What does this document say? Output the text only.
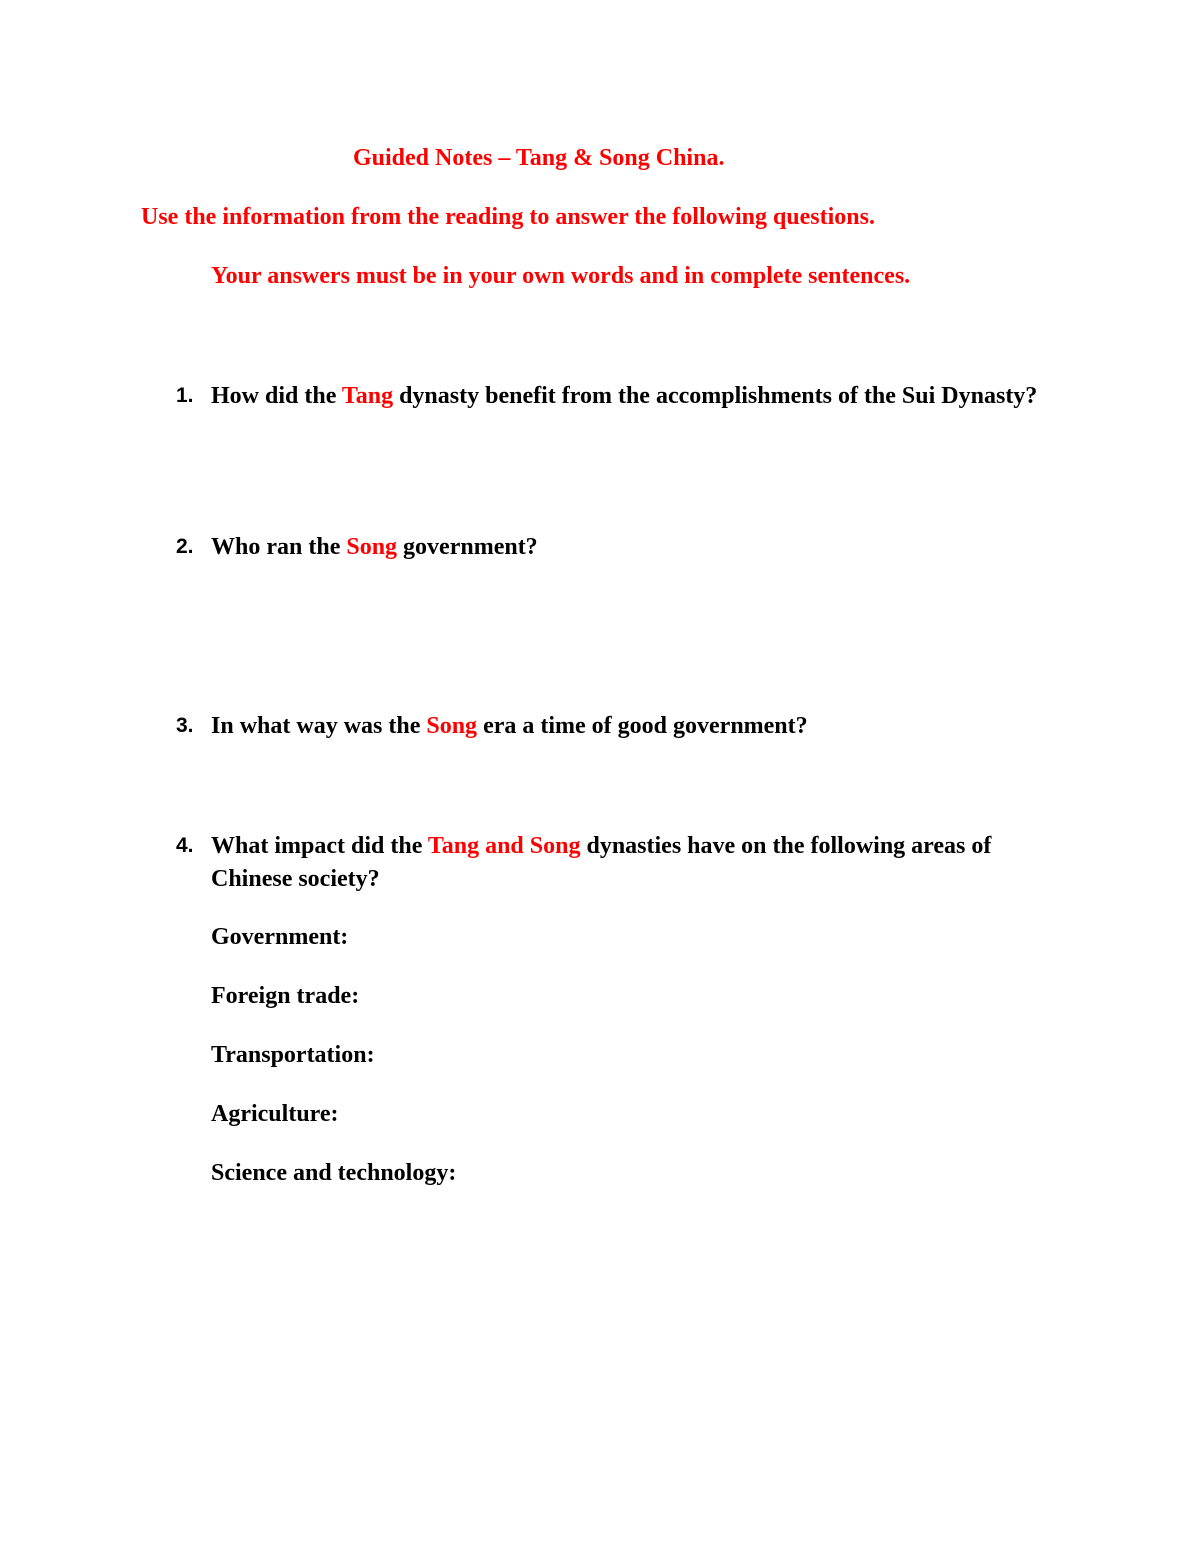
Guided Notes – Tang & Song China.
Use the information from the reading to answer the following questions.
Your answers must be in your own words and in complete sentences.
1. How did the Tang dynasty benefit from the accomplishments of the Sui Dynasty?
2. Who ran the Song government?
3. In what way was the Song era a time of good government?
4. What impact did the Tang and Song dynasties have on the following areas of Chinese society?
Government:
Foreign trade:
Transportation:
Agriculture:
Science and technology:
